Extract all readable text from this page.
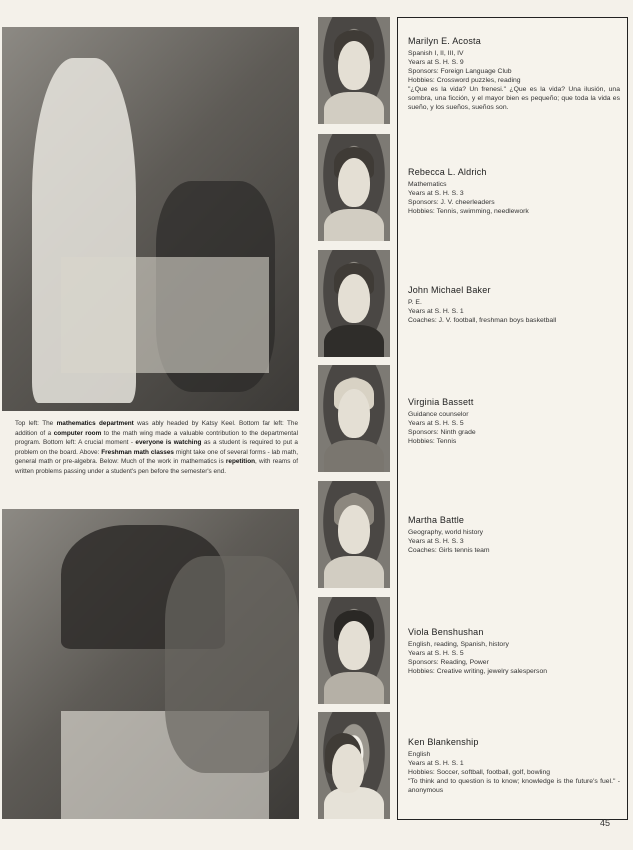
Top left: The mathematics department was ably headed by Katsy Keel. Bottom far left: The addition of a computer room to the math wing made a valuable contribution to the departmental program. Bottom left: A crucial moment - everyone is watching as a student is required to put a problem on the board. Above: Freshman math classes might take one of several forms - lab math, general math or pre-algebra. Below: Much of the work in mathematics is repetition, with reams of written problems passing under a student's pen before the semester's end.
Marilyn E. Acosta
Spanish I, II, III, IV
Years at S. H. S. 9
Sponsors: Foreign Language Club
Hobbies: Crossword puzzles, reading
"¿Que es la vida? Un frenesi." ¿Que es la vida? Una ilusión, una sombra, una ficción, y el mayor bien es pequeño; que toda la vida es sueño, y los sueños, sueños son.
Rebecca L. Aldrich
Mathematics
Years at S. H. S. 3
Sponsors: J. V. cheerleaders
Hobbies: Tennis, swimming, needlework
John Michael Baker
P. E.
Years at S. H. S. 1
Coaches: J. V. football, freshman boys basketball
Virginia Bassett
Guidance counselor
Years at S. H. S. 5
Sponsors: Ninth grade
Hobbies: Tennis
Martha Battle
Geography, world history
Years at S. H. S. 3
Coaches: Girls tennis team
Viola Benshushan
English, reading, Spanish, history
Years at S. H. S. 5
Sponsors: Reading, Power
Hobbies: Creative writing, jewelry salesperson
Ken Blankenship
English
Years at S. H. S. 1
Hobbies: Soccer, softball, football, golf, bowling
"To think and to question is to know; knowledge is the future's fuel." - anonymous
45
